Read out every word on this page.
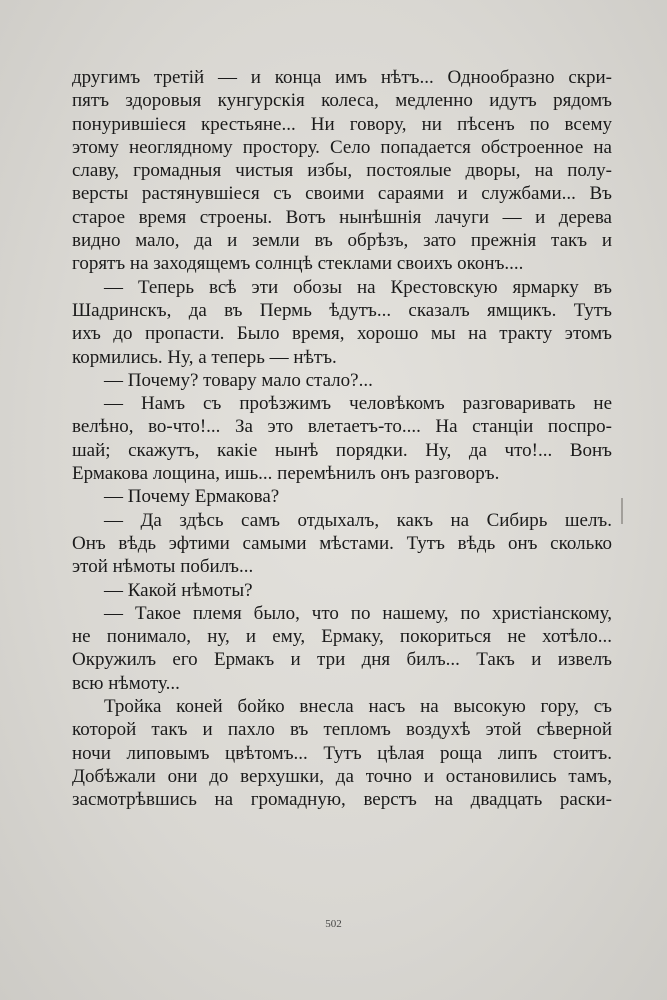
другимъ третій — и конца имъ нѣтъ... Однообразно скри-
пятъ здоровыя кунгурскія колеса, медленно идутъ рядомъ
понурившіеся крестьяне... Ни говору, ни пѣсенъ по всему
этому неоглядному простору. Село попадается обстроенное на
славу, громадныя чистыя избы, постоялые дворы, на полу-
версты растянувшіеся съ своими сараями и службами... Въ
старое время строены. Вотъ нынѣшнія лачуги — и дерева
видно мало, да и земли въ обрѣзъ, зато прежнія такъ и
горятъ на заходящемъ солнцѣ стеклами своихъ оконъ....
— Теперь всѣ эти обозы на Крестовскую ярмарку въ
Шадринскъ, да въ Пермь ѣдутъ... сказалъ ямщикъ. Тутъ
ихъ до пропасти. Было время, хорошо мы на тракту этомъ
кормились. Ну, а теперь — нѣтъ.
— Почему? товару мало стало?...
— Намъ съ проѣзжимъ человѣкомъ разговаривать не
велѣно, во-что!... За это влетаетъ-то.... На станціи поспро-
шай; скажутъ, какіе нынѣ порядки. Ну, да что!... Вонъ
Ермакова лощина, ишь... перемѣнилъ онъ разговоръ.
— Почему Ермакова?
— Да здѣсь самъ отдыхалъ, какъ на Сибирь шелъ.
Онъ вѣдь эфтими самыми мѣстами. Тутъ вѣдь онъ сколько
этой нѣмоты побилъ...
— Какой нѣмоты?
— Такое племя было, что по нашему, по христіанскому,
не понимало, ну, и ему, Ермаку, покориться не хотѣло...
Окружилъ его Ермакъ и три дня билъ... Такъ и извелъ
всю нѣмоту...
Тройка коней бойко внесла насъ на высокую гору, съ
которой такъ и пахло въ тепломъ воздухѣ этой сѣверной
ночи липовымъ цвѣтомъ... Тутъ цѣлая роща липъ стоитъ.
Добѣжали они до верхушки, да точно и остановились тамъ,
засмотрѣвшись на громадную, верстъ на двадцать раски-
502
